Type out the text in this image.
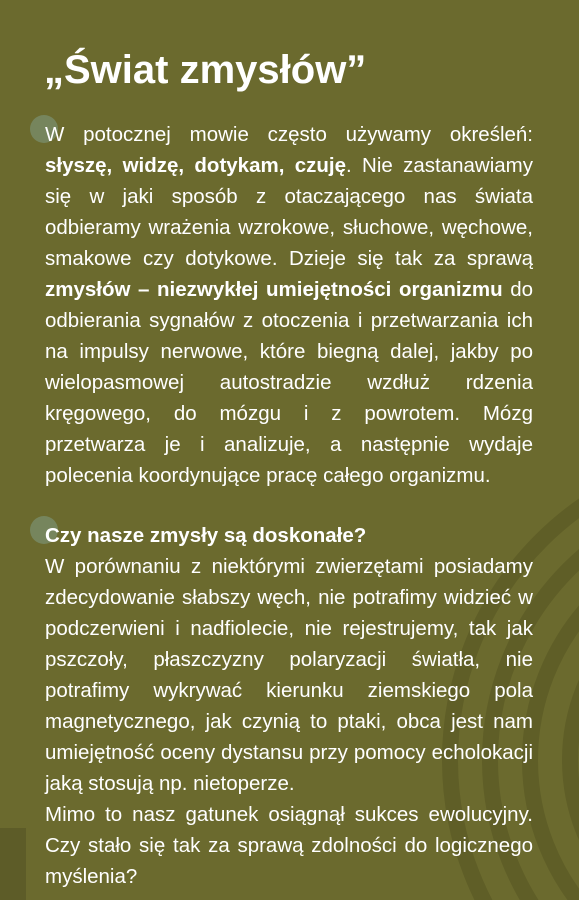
„Świat zmysłów”

W potocznej mowie często używamy określeń: słyszę, widzę, dotykam, czuję. Nie zastanawiamy się w jaki sposób z otaczającego nas świata odbieramy wrażenia wzrokowe, słuchowe, węchowe, smakowe czy dotykowe. Dzieje się tak za sprawą zmysłów – niezwykłej umiejętności organizmu do odbierania sygnałów z otoczenia i przetwarzania ich na impulsy nerwowe, które biegną dalej, jakby po wielopasmowej autostradzie wzdłuż rdzenia kręgowego, do mózgu i z powrotem. Mózg przetwarza je i analizuje, a następnie wydaje polecenia koordynujące pracę całego organizmu.

Czy nasze zmysły są doskonałe?
W porównaniu z niektórymi zwierzętami posiadamy zdecydowanie słabszy węch, nie potrafimy widzieć w podczerwieni i nadfiolecie, nie rejestrujemy, tak jak pszczoły, płaszczyzny polaryzacji światła, nie potrafimy wykrywać kierunku ziemskiego pola magnetycznego, jak czynią to ptaki, obca jest nam umiejętność oceny dystansu przy pomocy echolokacji jaką stosują np. nietoperze.
Mimo to nasz gatunek osiągnął sukces ewolucyjny. Czy stało się tak za sprawą zdolności do logicznego myślenia?
